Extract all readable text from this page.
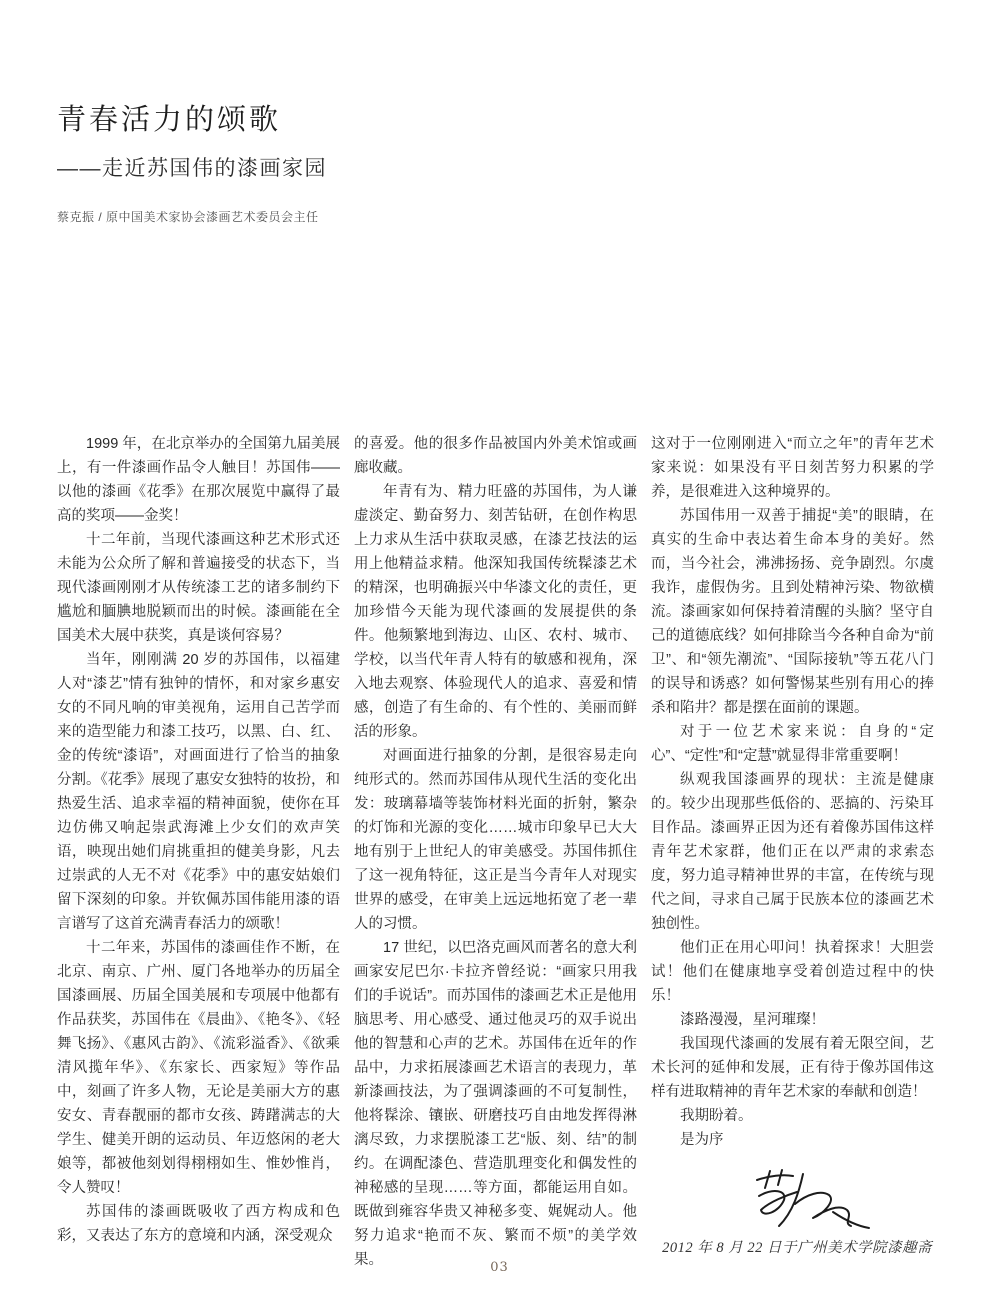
青春活力的颂歌
——走近苏国伟的漆画家园
蔡克振 / 原中国美术家协会漆画艺术委员会主任

1999 年，在北京举办的全国第九届美展上，有一件漆画作品令人触目！苏国伟——以他的漆画《花季》在那次展览中赢得了最高的奖项——金奖！

十二年前，当现代漆画这种艺术形式还未能为公众所了解和普遍接受的状态下，当现代漆画刚刚才从传统漆工艺的诸多制约下尴尬和腼腆地脱颖而出的时候。漆画能在全国美术大展中获奖，真是谈何容易？

当年，刚刚满 20 岁的苏国伟，以福建人对“漆艺”情有独钟的情怀，和对家乡惠安女的不同凡响的审美视角，运用自己苦学而来的造型能力和漆工技巧，以黑、白、红、金的传统“漆语”，对画面进行了恰当的抽象分割。《花季》展现了惠安女独特的妆扮，和热爱生活、追求幸福的精神面貌，使你在耳边仿佛又响起崇武海滩上少女们的欢声笑语，映现出她们肩挑重担的健美身影，凡去过崇武的人无不对《花季》中的惠安姑娘们留下深刻的印象。并钦佩苏国伟能用漆的语言谱写了这首充满青春活力的颂歌！

十二年来，苏国伟的漆画佳作不断，在北京、南京、广州、厦门各地举办的历届全国漆画展、历届全国美展和专项展中他都有作品获奖，苏国伟在《晨曲》、《艳冬》、《轻舞飞扬》、《惠风古韵》、《流彩溢香》、《欲乘清风揽年华》、《东家长、西家短》等作品中，刻画了许多人物，无论是美丽大方的惠安女、青春靓丽的都市女孩、踌躇满志的大学生、健美开朗的运动员、年迈悠闲的老大娘等，都被他刻划得栩栩如生、惟妙惟肖，令人赞叹！

苏国伟的漆画既吸收了西方构成和色彩，又表达了东方的意境和内涵，深受观众

的喜爱。他的很多作品被国内外美术馆或画廊收藏。

年青有为、精力旺盛的苏国伟，为人谦虚淡定、勤奋努力、刻苦钻研，在创作构思上力求从生活中获取灵感，在漆艺技法的运用上他精益求精。他深知我国传统髹漆艺术的精深，也明确振兴中华漆文化的责任，更加珍惜今天能为现代漆画的发展提供的条件。他频繁地到海边、山区、农村、城市、学校，以当代年青人特有的敏感和视角，深入地去观察、体验现代人的追求、喜爱和情感，创造了有生命的、有个性的、美丽而鲜活的形象。

对画面进行抽象的分割，是很容易走向纯形式的。然而苏国伟从现代生活的变化出发：玻璃幕墙等装饰材料光面的折射，繁杂的灯饰和光源的变化……城市印象早已大大地有别于上世纪人的审美感受。苏国伟抓住了这一视角特征，这正是当今青年人对现实世界的感受，在审美上远远地拓宽了老一辈人的习惯。

17 世纪，以巴洛克画风而著名的意大利画家安尼巴尔·卡拉齐曾经说：“画家只用我们的手说话”。而苏国伟的漆画艺术正是他用脑思考、用心感受、通过他灵巧的双手说出他的智慧和心声的艺术。苏国伟在近年的作品中，力求拓展漆画艺术语言的表现力，革新漆画技法，为了强调漆画的不可复制性，他将髹涂、镶嵌、研磨技巧自由地发挥得淋漓尽致，力求摆脱漆工艺“版、刻、结”的制约。在调配漆色、营造肌理变化和偶发性的神秘感的呈现……等方面，都能运用自如。既做到雍容华贵又神秘多变、娓娓动人。他努力追求“艳而不灰、繁而不烦”的美学效果。

这对于一位刚刚进入“而立之年”的青年艺术家来说：如果没有平日刻苦努力积累的学养，是很难进入这种境界的。

苏国伟用一双善于捕捉“美”的眼睛，在真实的生命中表达着生命本身的美好。然而，当今社会，沸沸扬扬、竞争剧烈。尔虞我诈，虚假伪劣。且到处精神污染、物欲横流。漆画家如何保持着清醒的头脑？坚守自己的道德底线？如何排除当今各种自命为“前卫”、和“领先潮流”、“国际接轨”等五花八门的误导和诱惑？如何警惕某些别有用心的捧杀和陷井？都是摆在面前的课题。

对于一位艺术家来说：自身的“定心”、“定性”和“定慧”就显得非常重要啊！

纵观我国漆画界的现状：主流是健康的。较少出现那些低俗的、恶搞的、污染耳目作品。漆画界正因为还有着像苏国伟这样青年艺术家群，他们正在以严肃的求索态度，努力追寻精神世界的丰富，在传统与现代之间，寻求自己属于民族本位的漆画艺术独创性。

他们正在用心叩问！执着探求！大胆尝试！他们在健康地享受着创造过程中的快乐！

漆路漫漫，星河璀璨！

我国现代漆画的发展有着无限空间，艺术长河的延伸和发展，正有待于像苏国伟这样有进取精神的青年艺术家的奉献和创造！

我期盼着。

是为序

2012 年 8 月 22 日于广州美术学院漆趣斋

03
